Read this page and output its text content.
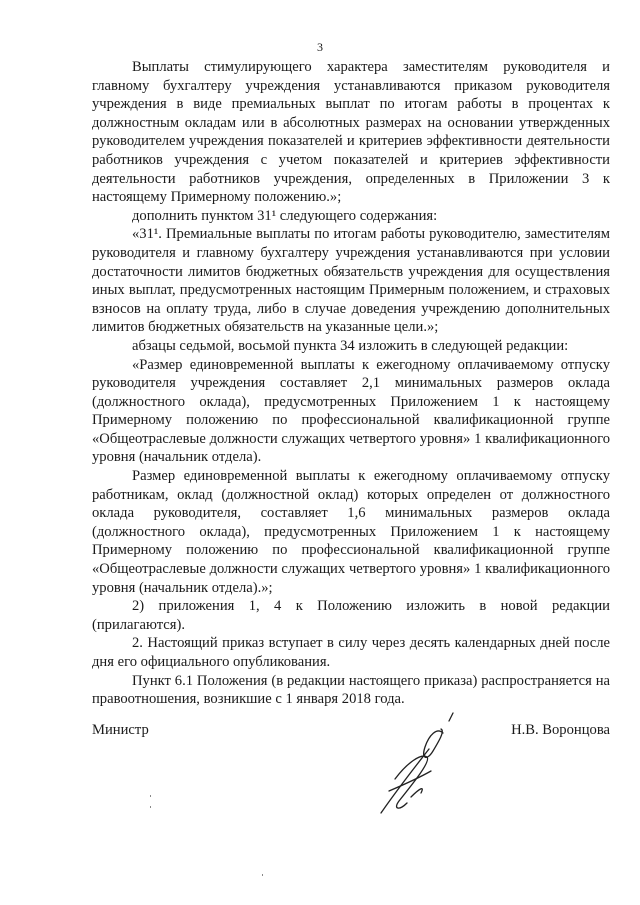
3

Выплаты стимулирующего характера заместителям руководителя и главному бухгалтеру учреждения устанавливаются приказом руководителя учреждения в виде премиальных выплат по итогам работы в процентах к должностным окладам или в абсолютных размерах на основании утвержденных руководителем учреждения показателей и критериев эффективности деятельности работников учреждения с учетом показателей и критериев эффективности деятельности работников учреждения, определенных в Приложении 3 к настоящему Примерному положению.»;

дополнить пунктом 31¹ следующего содержания:

«31¹. Премиальные выплаты по итогам работы руководителю, заместителям руководителя и главному бухгалтеру учреждения устанавливаются при условии достаточности лимитов бюджетных обязательств учреждения для осуществления иных выплат, предусмотренных настоящим Примерным положением, и страховых взносов на оплату труда, либо в случае доведения учреждению дополнительных лимитов бюджетных обязательств на указанные цели.»;

абзацы седьмой, восьмой пункта 34 изложить в следующей редакции:

«Размер единовременной выплаты к ежегодному оплачиваемому отпуску руководителя учреждения составляет 2,1 минимальных размеров оклада (должностного оклада), предусмотренных Приложением 1 к настоящему Примерному положению по профессиональной квалификационной группе «Общеотраслевые должности служащих четвертого уровня» 1 квалификационного уровня (начальник отдела).

Размер единовременной выплаты к ежегодному оплачиваемому отпуску работникам, оклад (должностной оклад) которых определен от должностного оклада руководителя, составляет 1,6 минимальных размеров оклада (должностного оклада), предусмотренных Приложением 1 к настоящему Примерному положению по профессиональной квалификационной группе «Общеотраслевые должности служащих четвертого уровня» 1 квалификационного уровня (начальник отдела).»;

2) приложения 1, 4 к Положению изложить в новой редакции (прилагаются).

2. Настоящий приказ вступает в силу через десять календарных дней после дня его официального опубликования.

Пункт 6.1 Положения (в редакции настоящего приказа) распространяется на правоотношения, возникшие с 1 января 2018 года.

Министр	Н.В. Воронцова
